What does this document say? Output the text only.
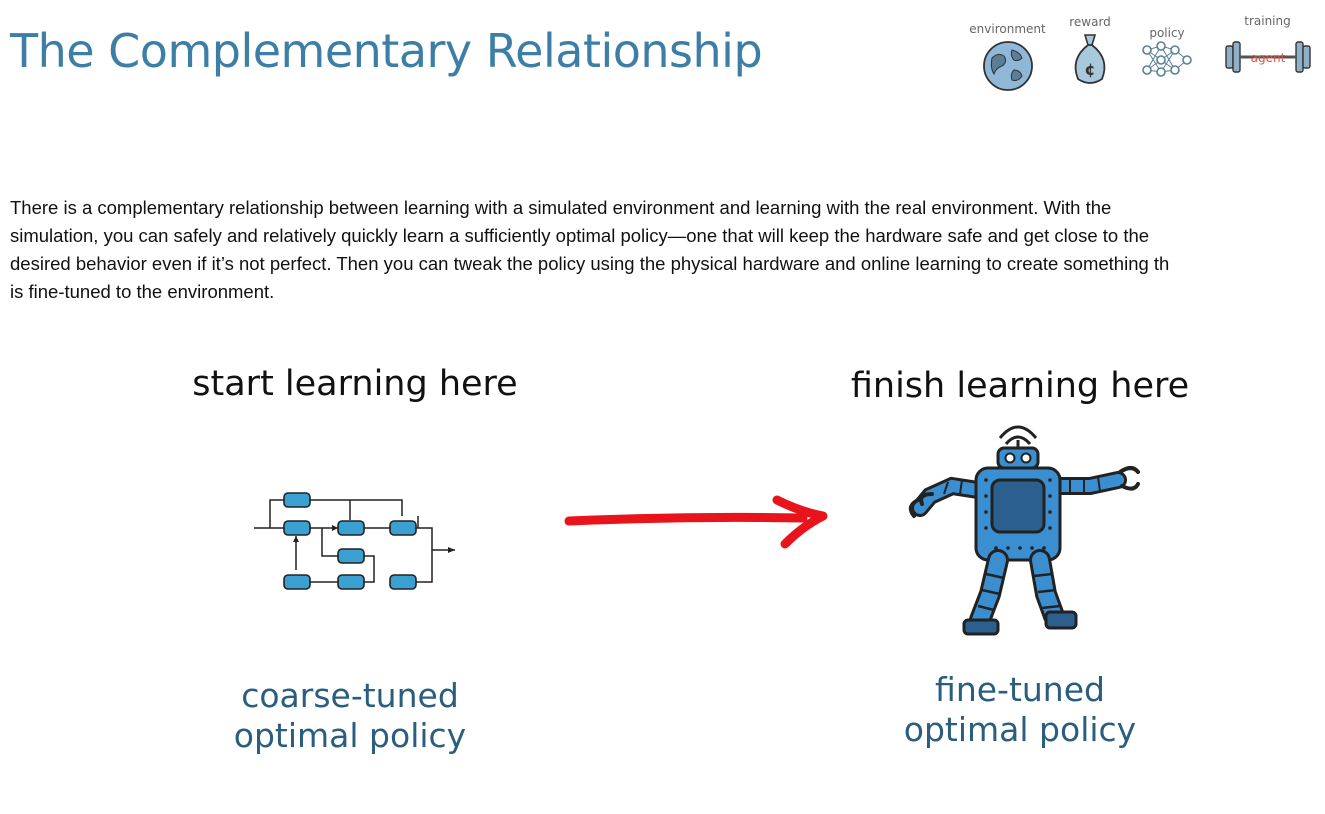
The Complementary Relationship	environment	reward
¢
policy
training
agent

There is a complementary relationship between learning with a simulated environment and learning with the real environment. With the
simulation, you can safely and relatively quickly learn a sufficiently optimal policy—one that will keep the hardware safe and get close to the
desired behavior even if it’s not perfect. Then you can tweak the policy using the physical hardware and online learning to create something th
is fine-tuned to the environment.

start learning here	finish learning here
coarse-tuned
optimal policy
fine-tuned
optimal policy
